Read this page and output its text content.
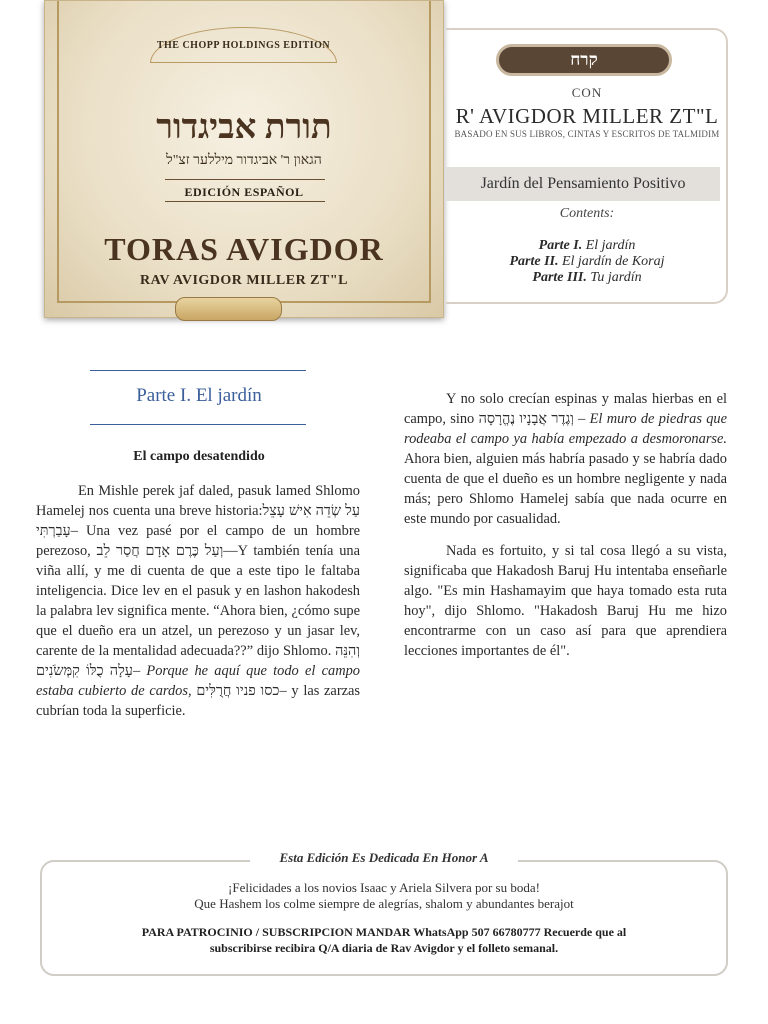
THE CHOPP HOLDINGS EDITION
תורת אביגדור
הגאון ר' אביגדור מיללער זצ"ל
EDICIÓN ESPAÑOL
TORAS AVIGDOR
RAV AVIGDOR MILLER ZT"L
קרח
CON
R' AVIGDOR MILLER ZT"L
BASADO EN SUS LIBROS, CINTAS Y ESCRITOS DE TALMIDIM
Jardín del Pensamiento Positivo
Contents:
Parte I. El jardín
Parte II. El jardín de Koraj
Parte III. Tu jardín
Parte I. El jardín
El campo desatendido

En Mishle perek jaf daled, pasuk lamed Shlomo Hamelej nos cuenta una breve historia:עַל שְׂדֵה אִישׁ עָצֵל עָבַרְתִּי– Una vez pasé por el campo de un hombre perezoso, וְעַל כֶּרֶם אָדָם חֲסַר לֵב—Y también tenía una viña allí, y me di cuenta de que a este tipo le faltaba inteligencia. Dice lev en el pasuk y en lashon hakodesh la palabra lev significa mente. “Ahora bien, ¿cómo supe que el dueño era un atzel, un perezoso y un jasar lev, carente de la mentalidad adecuada??” dijo Shlomo. וְהִנֵּה עָלָה כֻלּוֹ קִמְּשֹׂנִים– Porque he aquí que todo el campo estaba cubierto de cardos, כסו פניו חֲרֻלִּים– y las zarzas cubrían toda la superficie.

Y no solo crecían espinas y malas hierbas en el campo, sino וְגֶדֶר אֲבָנָיו נֶהֱרָסָה – El muro de piedras que rodeaba el campo ya había empezado a desmoronarse. Ahora bien, alguien más habría pasado y se habría dado cuenta de que el dueño es un hombre negligente y nada más; pero Shlomo Hamelej sabía que nada ocurre en este mundo por casualidad.

Nada es fortuito, y si tal cosa llegó a su vista, significaba que Hakadosh Baruj Hu intentaba enseñarle algo. "Es min Hashamayim que haya tomado esta ruta hoy", dijo Shlomo. "Hakadosh Baruj Hu me hizo encontrarme con un caso así para que aprendiera lecciones importantes de él".

Esta Edición Es Dedicada En Honor A
¡Felicidades a los novios Isaac y Ariela Silvera por su boda!
Que Hashem los colme siempre de alegrías, shalom y abundantes berajot
PARA PATROCINIO / SUBSCRIPCION MANDAR WhatsApp 507 66780777 Recuerde que al subscribirse recibira Q/A diaria de Rav Avigdor y el folleto semanal.
